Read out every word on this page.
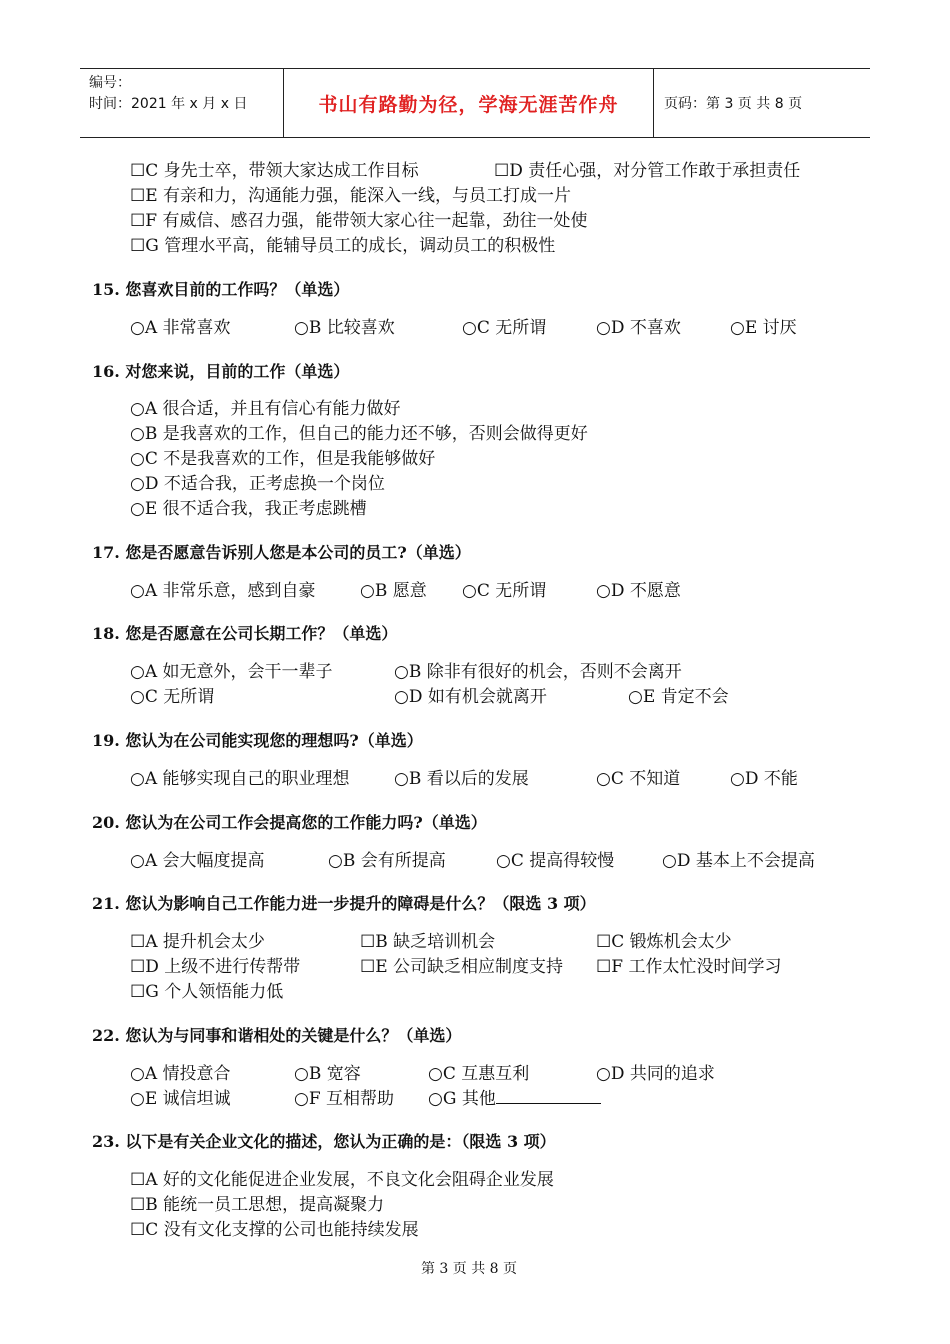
编号：
时间：2021 年 x 月 x 日	书山有路勤为径，学海无涯苦作舟	页码：第 3 页 共 8 页
☐C 身先士卒，带领大家达成工作目标	☐D 责任心强，对分管工作敢于承担责任
☐E 有亲和力，沟通能力强，能深入一线，与员工打成一片
☐F 有威信、感召力强，能带领大家心往一起靠，劲往一处使
☐G 管理水平高，能辅导员工的成长，调动员工的积极性
15. 您喜欢目前的工作吗？（单选）
○A 非常喜欢	○B 比较喜欢	○C 无所谓	○D 不喜欢	○E 讨厌
16. 对您来说，目前的工作（单选）
○A 很合适，并且有信心有能力做好
○B 是我喜欢的工作，但自己的能力还不够，否则会做得更好
○C 不是我喜欢的工作，但是我能够做好
○D 不适合我，正考虑换一个岗位
○E 很不适合我，我正考虑跳槽
17. 您是否愿意告诉别人您是本公司的员工?（单选）
○A 非常乐意，感到自豪	○B 愿意 ○C 无所谓	○D 不愿意
18. 您是否愿意在公司长期工作？（单选）
○A 如无意外，会干一辈子	○B 除非有很好的机会，否则不会离开
○C 无所谓	○D 如有机会就离开	○E 肯定不会
19. 您认为在公司能实现您的理想吗?（单选）
○A 能够实现自己的职业理想	○B 看以后的发展	○C 不知道	○D 不能
20. 您认为在公司工作会提高您的工作能力吗?（单选）
○A 会大幅度提高	○B 会有所提高	○C 提高得较慢	○D 基本上不会提高
21. 您认为影响自己工作能力进一步提升的障碍是什么？（限选 3 项）
☐A 提升机会太少	☐B 缺乏培训机会	☐C 锻炼机会太少
☐D 上级不进行传帮带	☐E 公司缺乏相应制度支持 ☐F 工作太忙没时间学习
☐G 个人领悟能力低
22. 您认为与同事和谐相处的关键是什么？（单选）
○A 情投意合	○B 宽容	○C 互惠互利	○D 共同的追求
○E 诚信坦诚	○F 互相帮助 ○G 其他
23. 以下是有关企业文化的描述，您认为正确的是：（限选 3 项）
☐A 好的文化能促进企业发展，不良文化会阻碍企业发展
☐B 能统一员工思想，提高凝聚力
☐C 没有文化支撑的公司也能持续发展
第 3 页 共 8 页
